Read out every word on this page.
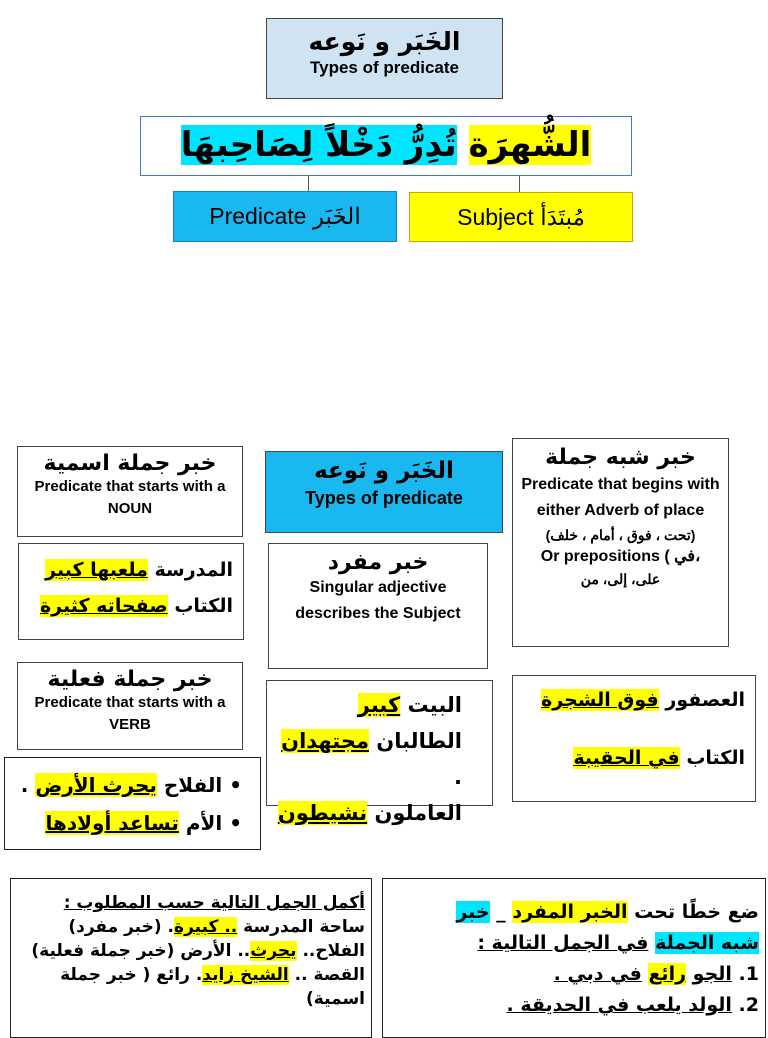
الخَبَر و نَوعه
Types of predicate
الشُّهرَة تُدِرُّ دَخْلاً لِصَاحِبهَا
Predicate الخَبَر	Subject مُبتَدَأ
خبر جملة اسمية
Predicate that starts with a NOUN
الخَبَر و نَوعه
Types of predicate
خبر شبه جملة
Predicate that begins with either Adverb of place
(تحت ، فوق ، أمام ، خلف)
Or prepositions ( في،
على، إلى، من
المدرسة ملعبها كبير
الكتاب صفحاته كثيرة
خبر مفرد
Singular adjective describes the Subject
خبر جملة فعلية
Predicate that starts with a VERB
البيت كبير
الطالبان مجتهدان .
العاملون نشيطون
العصفور فوق الشجرة
الكتاب في الحقيبة
• الفلاح يحرث الأرض .
• الأم تساعد أولادها
أكمل الجمل التالية حسب المطلوب :
ساحة المدرسة .. كبيرة. (خبر مفرد)
الفلاح.. يحرث.. الأرض (خبر جملة فعلية)
القصة .. الشيخ زايد. رائع ( خبر جملة
اسمية)
ضع خطًا تحت الخبر المفرد _ خبر
شبه الجملة في الجمل التالية :
1. الجو رائع في دبي .
2. الولد يلعب في الحديقة .
